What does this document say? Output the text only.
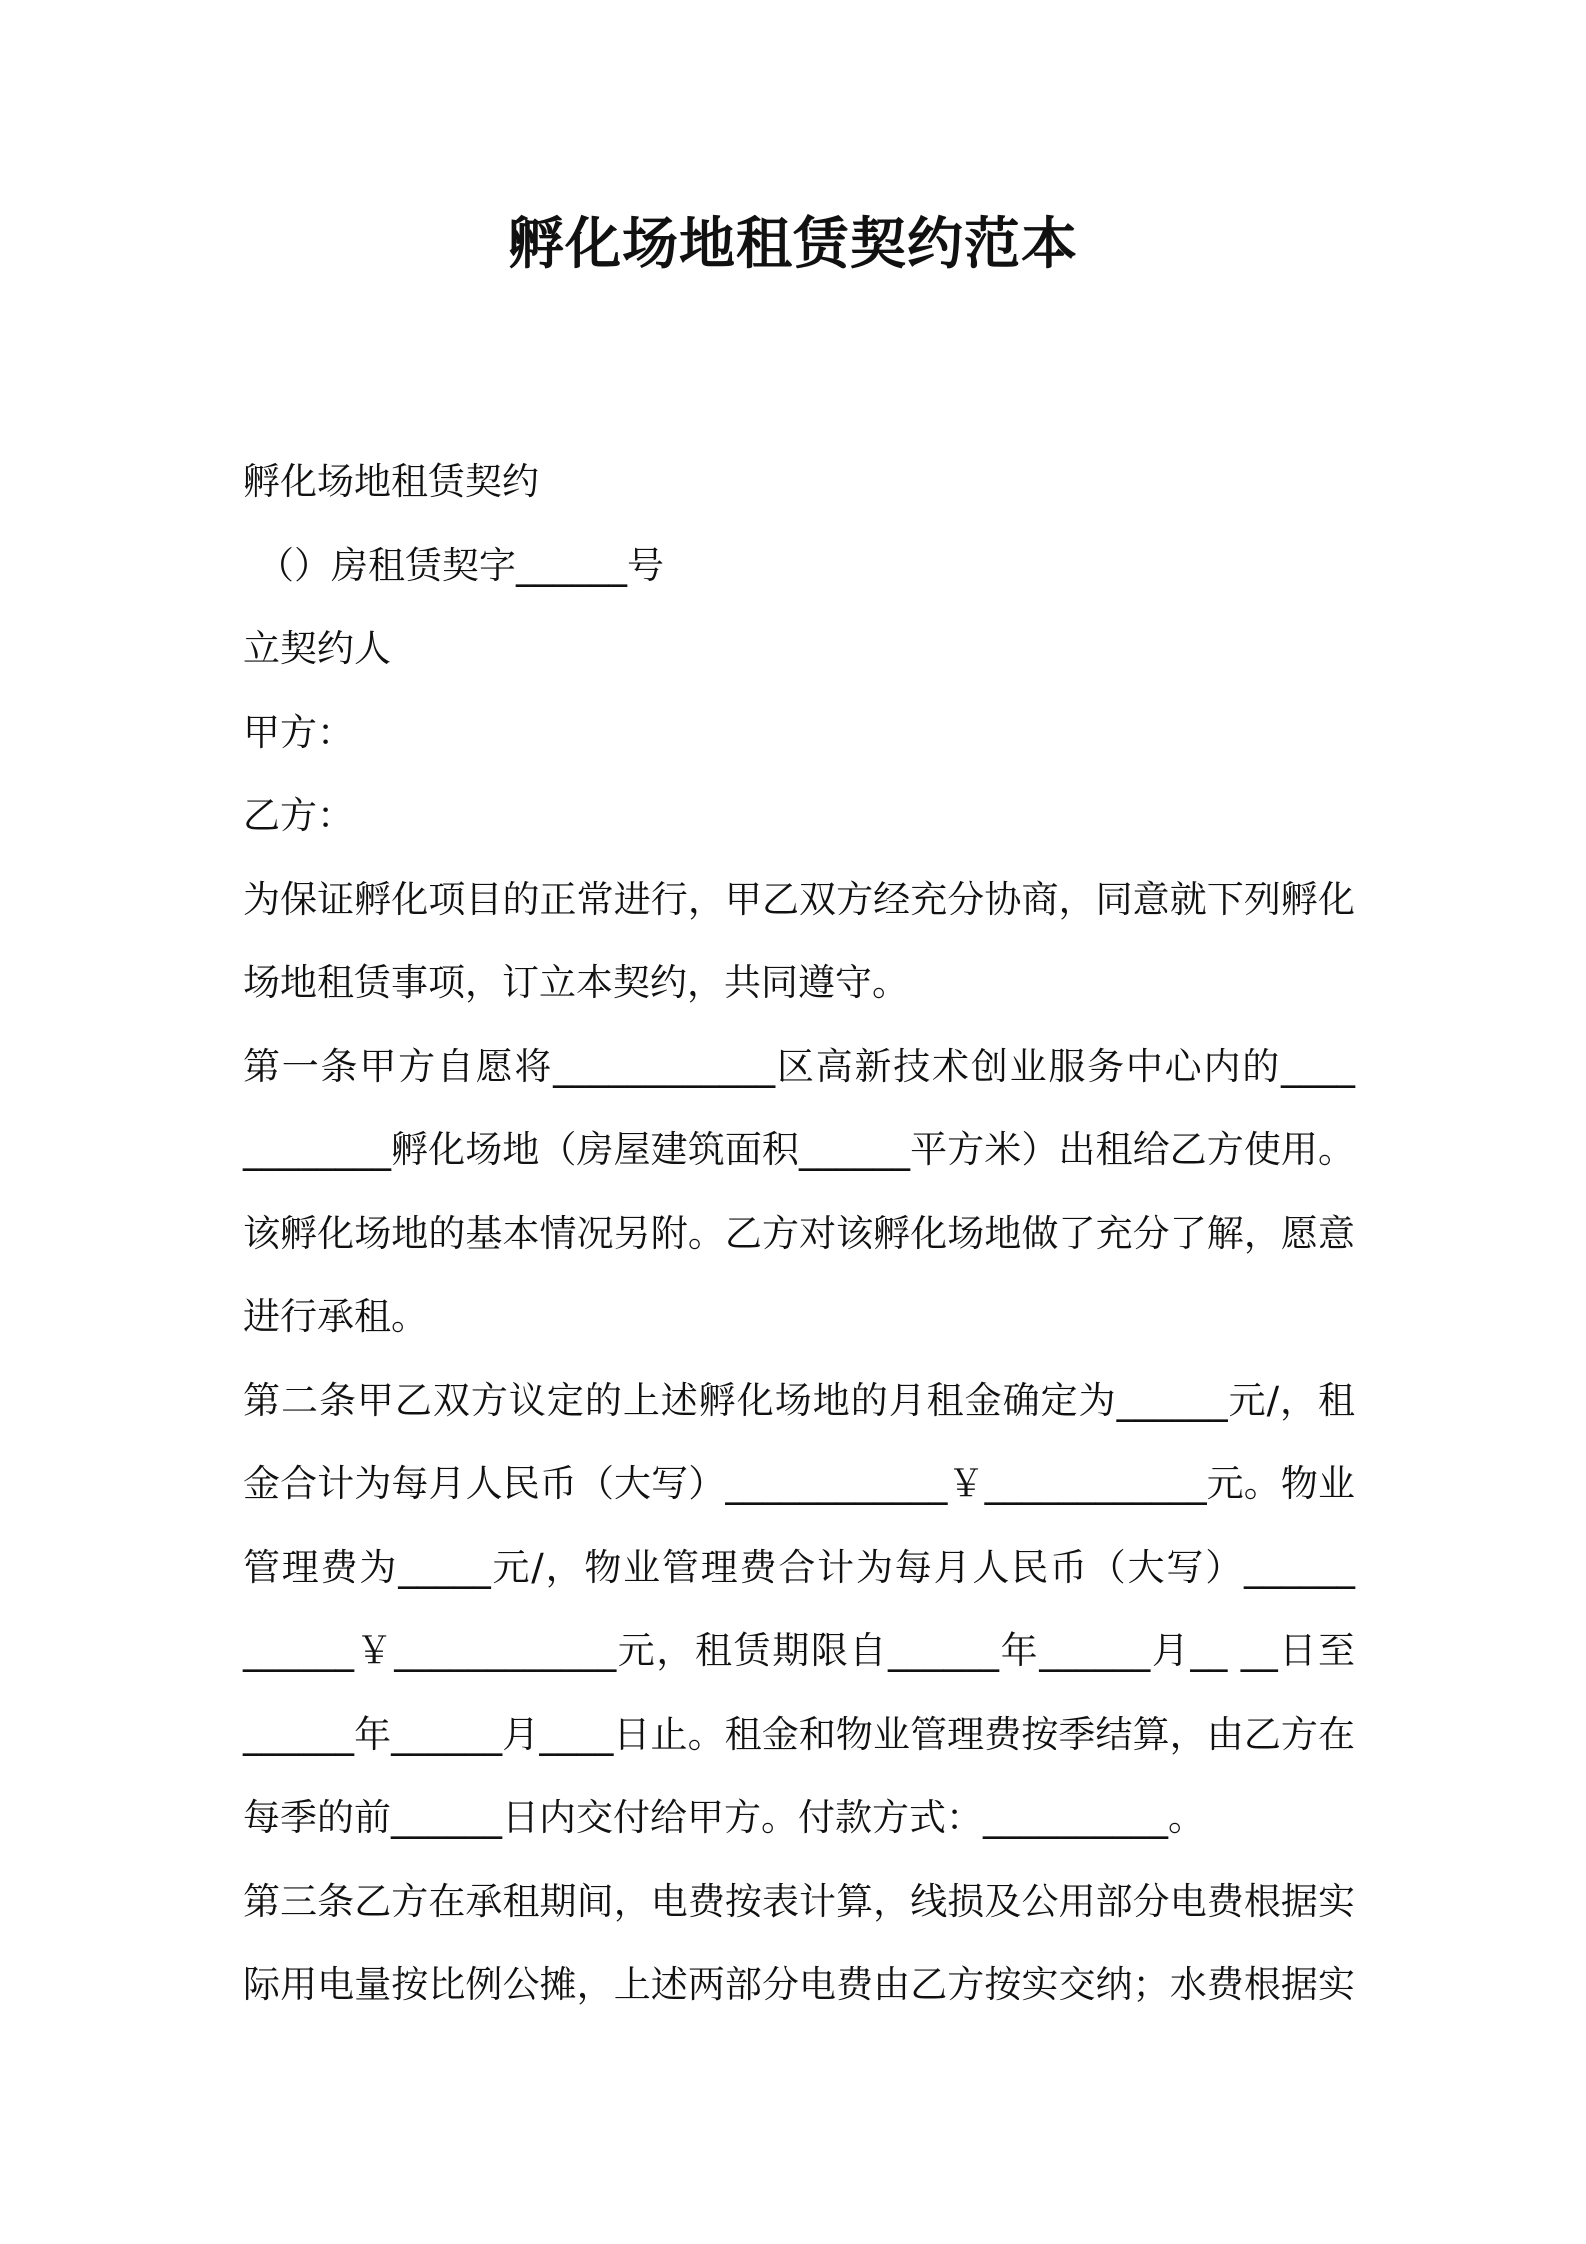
孵化场地租赁契约范本

孵化场地租赁契约

（）房租赁契字______号

立契约人

甲方：

乙方：

为保证孵化项目的正常进行，甲乙双方经充分协商，同意就下列孵化

场地租赁事项，订立本契约，共同遵守。

第一条甲方自愿将____________区高新技术创业服务中心内的____

________孵化场地（房屋建筑面积______平方米）出租给乙方使用。

该孵化场地的基本情况另附。乙方对该孵化场地做了充分了解，愿意

进行承租。

第二条甲乙双方议定的上述孵化场地的月租金确定为______元/，租

金合计为每月人民币（大写）____________￥____________元。物业

管理费为_____元/，物业管理费合计为每月人民币（大写）______

______￥____________元，租赁期限自______年______月__ __日至

______年______月____日止。租金和物业管理费按季结算，由乙方在

每季的前______日内交付给甲方。付款方式：__________。

第三条乙方在承租期间，电费按表计算，线损及公用部分电费根据实

际用电量按比例公摊，上述两部分电费由乙方按实交纳；水费根据实
